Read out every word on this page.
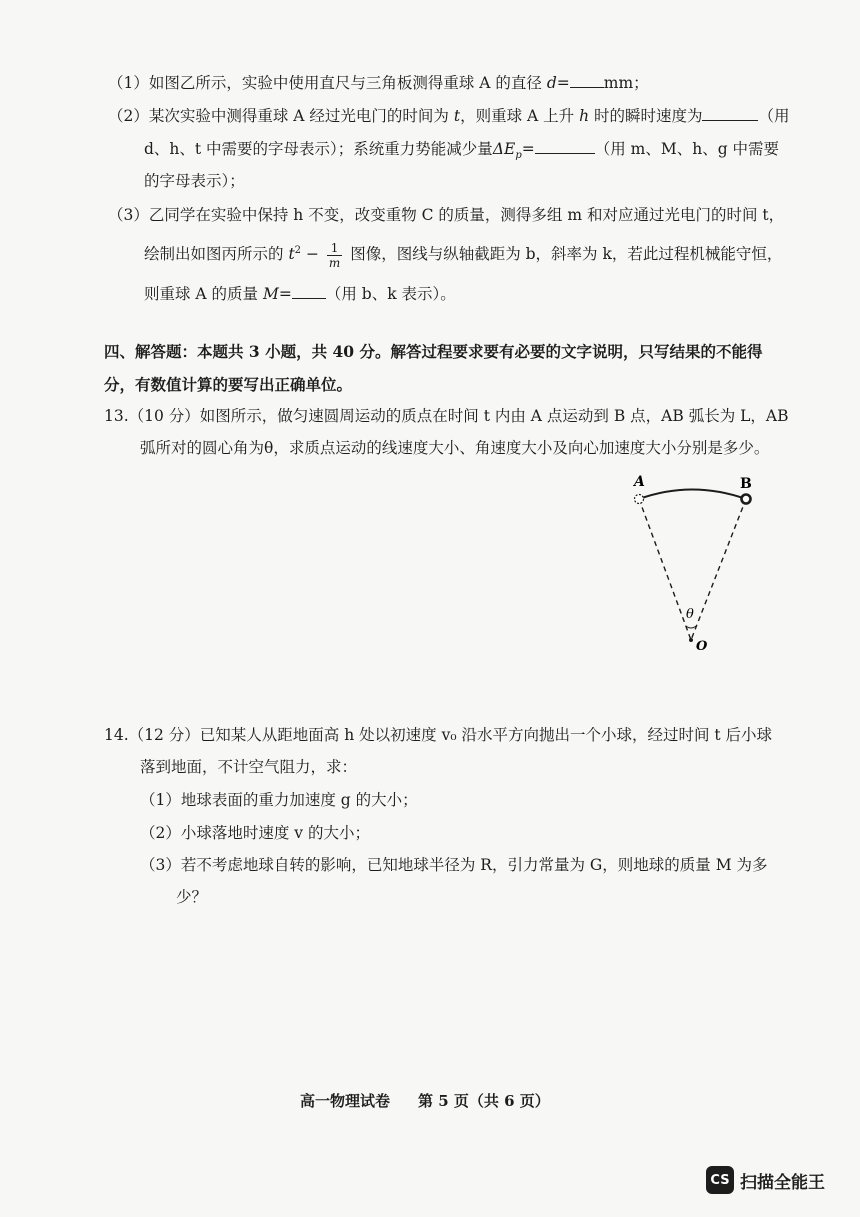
（1）如图乙所示，实验中使用直尺与三角板测得重球 A 的直径 d= mm；
（2）某次实验中测得重球 A 经过光电门的时间为 t，则重球 A 上升 h 时的瞬时速度为	（用
d、h、t 中需要的字母表示）；系统重力势能减少量$\Delta E_p=$	（用 m、M、h、g 中需要
的字母表示）；
（3）乙同学在实验中保持 h 不变，改变重物 C 的质量，测得多组 m 和对应通过光电门的时间 t，
绘制出如图丙所示的 $t^2 - \frac{1}{m}$ 图像，图线与纵轴截距为 b，斜率为 k，若此过程机械能守恒，
则重球 A 的质量 M= （用 b、k 表示）。
四、解答题：本题共 3 小题，共 40 分。解答过程要求要有必要的文字说明，只写结果的不能得
分，有数值计算的要写出正确单位。
13.（10 分）如图所示，做匀速圆周运动的质点在时间 t 内由 A 点运动到 B 点，AB 弧长为 L，AB
弧所对的圆心角为θ，求质点运动的线速度大小、角速度大小及向心加速度大小分别是多少。
A	B
θ
O
14.（12 分）已知某人从距地面高 h 处以初速度 v₀ 沿水平方向抛出一个小球，经过时间 t 后小球
落到地面，不计空气阻力，求：
（1）地球表面的重力加速度 g 的大小；
（2）小球落地时速度 v 的大小；
（3）若不考虑地球自转的影响，已知地球半径为 R，引力常量为 G，则地球的质量 M 为多
少？
高一物理试卷 第 5 页（共 6 页）
CS 扫描全能王
